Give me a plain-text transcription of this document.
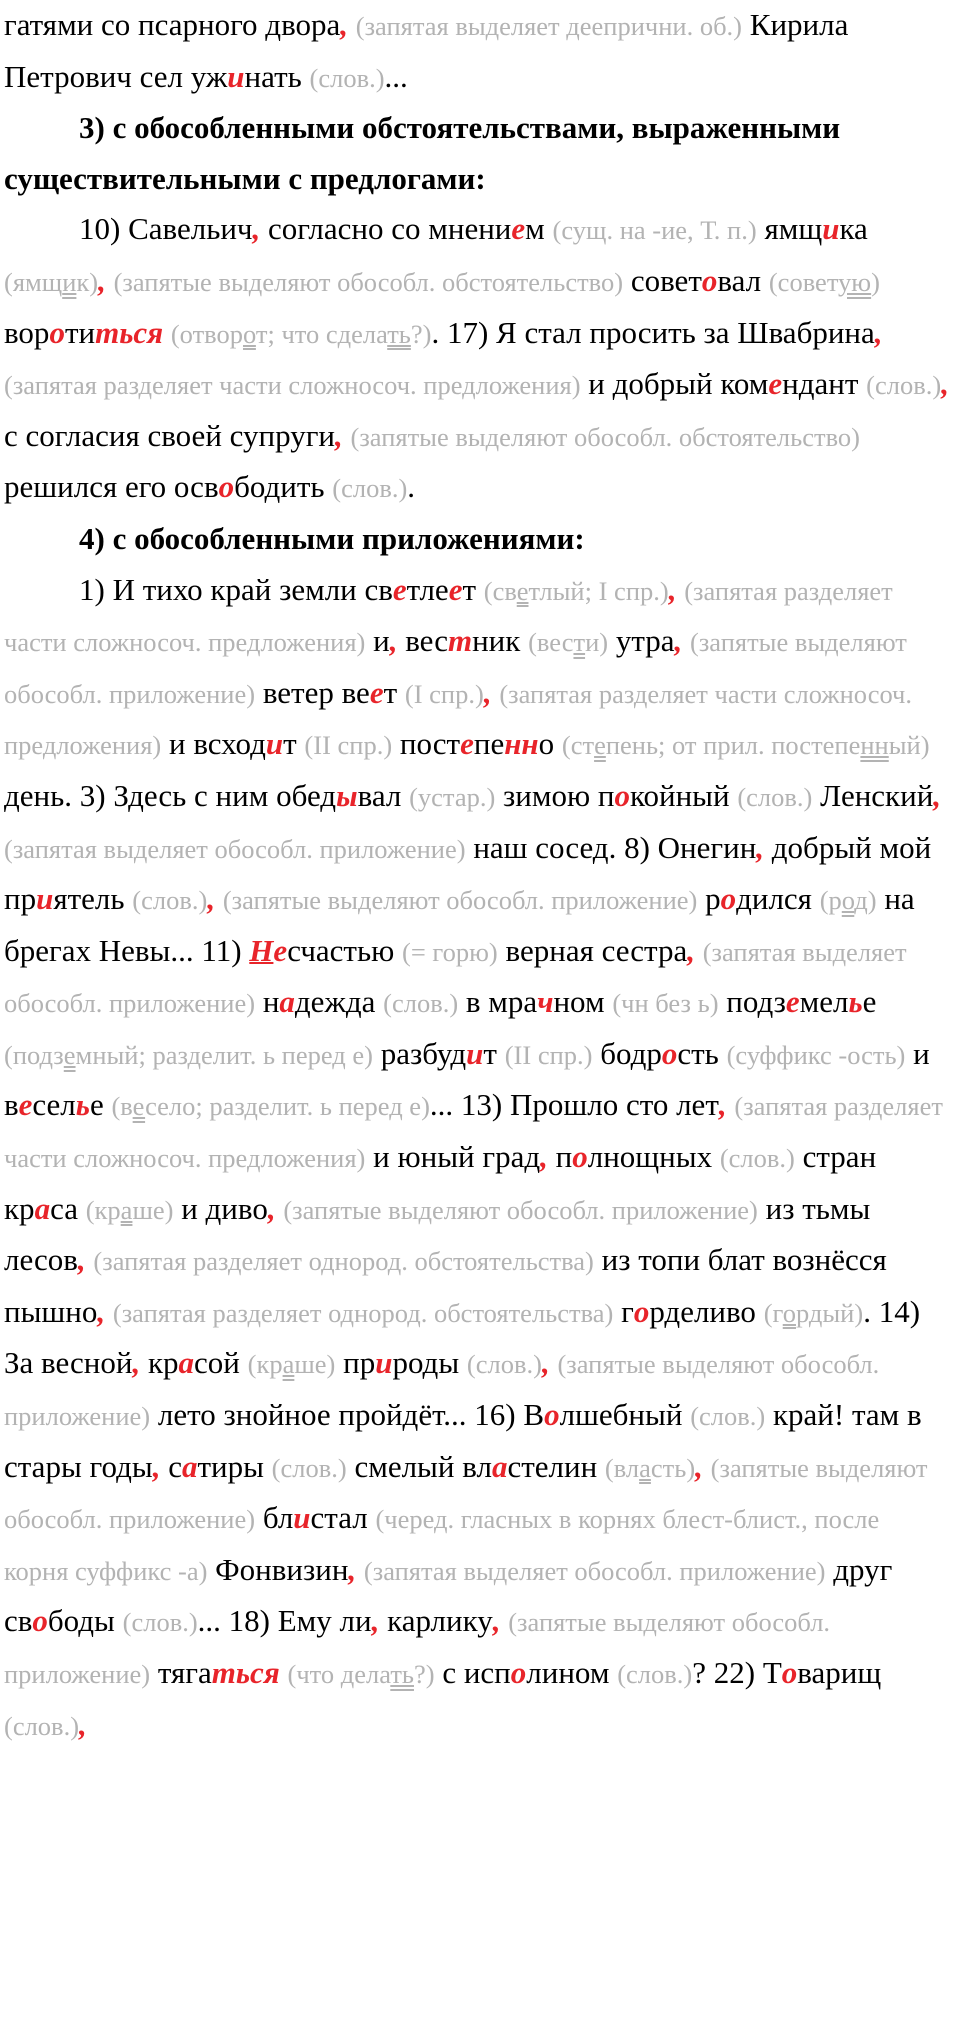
гатями со псарного двора, (запятая выделяет деепрични. об.) Кирила Петрович сел ужинать (слов.)...

3) с обособленными обстоятельствами, выраженными существительными с предлогами:

10) Савельич, согласно со мнением (сущ. на -ие, Т. п.) ямщика (ямщик), (запятые выделяют обособл. обстоятельство) советовал (советую) воротиться (отворот; что сделать?). 17) Я стал просить за Швабрина, (запятая разделяет части сложносоч. предложения) и добрый комендант (слов.), с согласия своей супруги, (запятые выделяют обособл. обстоятельство) решился его освободить (слов.).

4) с обособленными приложениями:

1) И тихо край земли светлеет (светлый; I спр.), (запятая разделяет части сложносоч. предложения) и, вестник (вести) утра, (запятые выделяют обособл. приложение) ветер веет (I спр.), (запятая разделяет части сложносоч. предложения) и всходит (II спр.) постепенно (степень; от прил. постепенный) день. 3) Здесь с ним обедывал (устар.) зимою покойный (слов.) Ленский, (запятая выделяет обособл. приложение) наш сосед. 8) Онегин, добрый мой приятель (слов.), (запятые выделяют обособл. приложение) родился (род) на брегах Невы... 11) Несчастью (= горю) верная сестра, (запятая выделяет обособл. приложение) надежда (слов.) в мрачном (чн без ь) подземелье (подземный; разделит. ь перед е) разбудит (II спр.) бодрость (суффикс -ость) и веселье (весело; разделит. ь перед е)... 13) Прошло сто лет, (запятая разделяет части сложносоч. предложения) и юный град, полнощных (слов.) стран краса (краше) и диво, (запятые выделяют обособл. приложение) из тьмы лесов, (запятая разделяет однород. обстоятельства) из топи блат вознёсся пышно, (запятая разделяет однород. обстоятельства) горделиво (гордый). 14) За весной, красой (краше) природы (слов.), (запятые выделяют обособл. приложение) лето знойное пройдёт... 16) Волшебный (слов.) край! там в стары годы, сатиры (слов.) смелый властелин (власть), (запятые выделяют обособл. приложение) блистал (черед. гласных в корнях блест-блист., после корня суффикс -а) Фонвизин, (запятая выделяет обособл. приложение) друг свободы (слов.)... 18) Ему ли, карлику, (запятые выделяют обособл. приложение) тягаться (что делать?) с исполином (слов.)? 22) Товарищ (слов.),
